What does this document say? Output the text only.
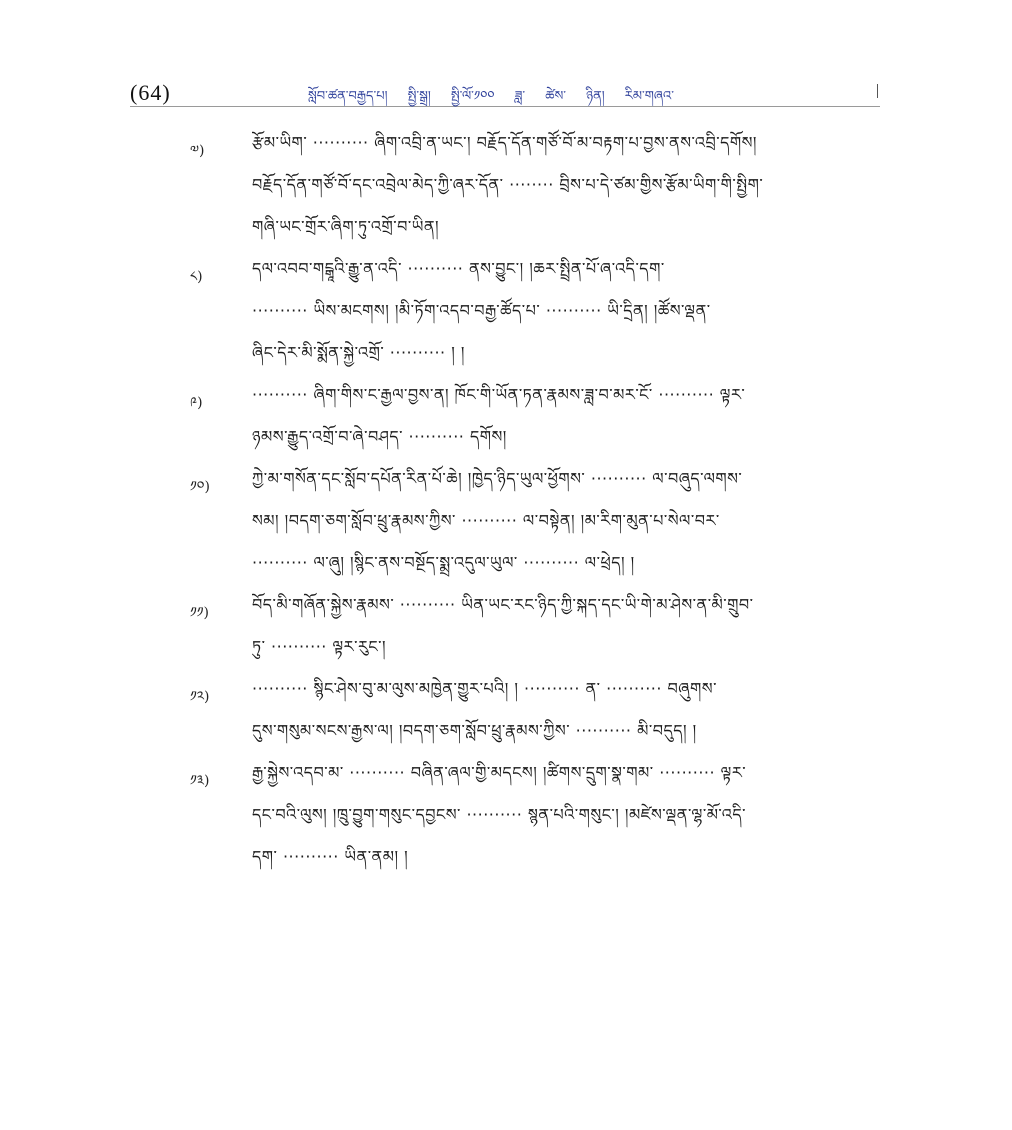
(64)	སློབ་ཚན་བརྒྱད་པ། སྤྱི་སྒྲ། སྤྱི་ལོ་༡༠༠ ཟླ་ ཚེས་ ཉིན། རིམ་གཞའ་
༧)	རྩོམ་ཡིག་ ·········· ཞིག་འབྲི་ན་ཡང་། བརྗོད་དོན་གཙོ་བོ་མ་བརྟག་པ་བྱས་ནས་འབྲི་དགོས།
བརྗོད་དོན་གཙོ་བོ་དང་འབྲེལ་མེད་ཀྱི་ཞར་དོན་ ········ བྲིས་པ་དེ་ཙམ་གྱིས་རྩོམ་ཡིག་གི་སྤྱིག་
གཞི་ཡང་གྲོར་ཞིག་ཏུ་འགྲོ་བ་ཡིན།
༨)	དལ་འབབ་གངྒཱའི་རྒྱུ་ན་འདི་ ·········· ནས་བྱུང་། །ཆར་སྤྲིན་པོ་ཞ་འདི་དག་
·········· ཡིས་མངགས། །མི་ཏོག་འདབ་བརྒྱ་ཚོད་པ་ ·········· ཡི་དྲིན། །ཚོས་ལྡན་
ཞིང་དེར་མི་སྨོན་སྐྱེ་འགྲོ་ ·········· ། །
༩)	·········· ཞིག་གིས་ང་རྒྱལ་བྱས་ན། ཁོང་གི་ཡོན་ཏན་རྣམས་ཟླ་བ་མར་ངོ་ ·········· ལྟར་
ཉམས་རྒྱུད་འགྲོ་བ་ཞེ་བཤད་ ·········· དགོས།
༡༠)	ཀྱེ་མ་གསོན་དང་སློབ་དཔོན་རིན་པོ་ཆེ། །ཁྱེད་ཉིད་ཡུལ་ཕྱོགས་ ·········· ལ་བཞུད་ལགས་
སམ། །བདག་ཅག་སློབ་ཕྲུ་རྣམས་ཀྱིས་ ·········· ལ་བསྟེན། །མ་རིག་མུན་པ་སེལ་བར་
·········· ལ་ཞུ། །སྙིང་ནས་བསྔོད་སྨྲ་འདུལ་ཡུལ་ ·········· ལ་ཕྲེད། །
༡༡)	བོད་མི་གཞོན་སྐྱེས་རྣམས་ ·········· ཡིན་ཡང་རང་ཉིད་ཀྱི་སྐད་དང་ཡི་གེ་མ་ཤེས་ན་མི་གྲུབ་
ཏུ་ ·········· ལྟར་རུང་།
༡༢)	·········· སྙིང་ཤེས་བུ་མ་ལུས་མཁྱེན་གྱུར་པའི། ། ·········· ན་ ·········· བཞུགས་
དུས་གསུམ་སངས་རྒྱས་ལ། །བདག་ཅག་སློབ་ཕྲུ་རྣམས་ཀྱིས་ ·········· མི་བདུད། །
༡༣)	རྒྱ་སྐྱེས་འདབ་མ་ ·········· བཞིན་ཞལ་གྱི་མདངས། །ཚིགས་དྲུག་སྣ་གམ་ ·········· ལྟར་
དང་བའི་ལུས། །ཁྲུ་བྱུག་གསུང་དབྱངས་ ·········· སྙན་པའི་གསུང་། །མཛེས་ལྡན་ལྷ་མོ་འདི་
དག་ ·········· ཡིན་ནམ། །
